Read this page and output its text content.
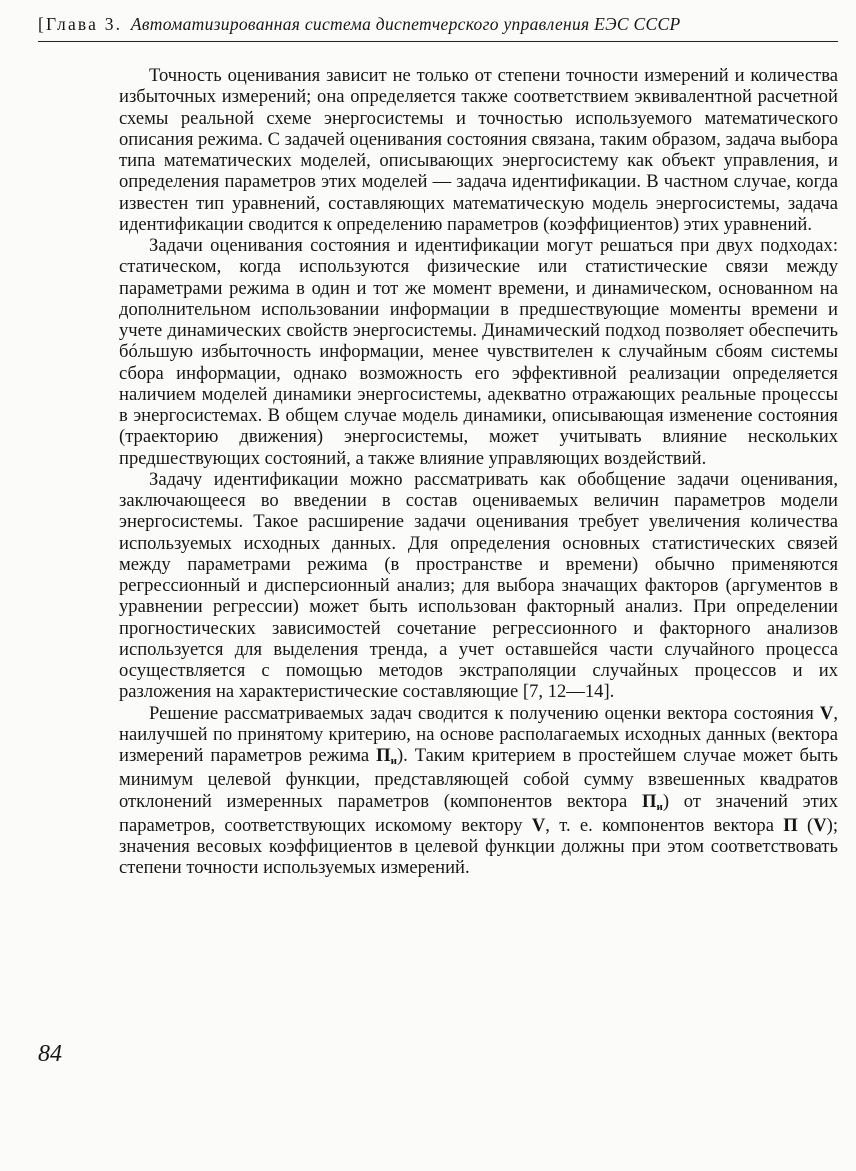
[Глава 3. Автоматизированная система диспетчерского управления ЕЭС СССР

Точность оценивания зависит не только от степени точности измерений и количества избыточных измерений; она определяется также соответствием эквивалентной расчетной схемы реальной схеме энергосистемы и точностью используемого математического описания режима. С задачей оценивания состояния связана, таким образом, задача выбора типа математических моделей, описывающих энергосистему как объект управления, и определения параметров этих моделей — задача идентификации. В частном случае, когда известен тип уравнений, составляющих математическую модель энергосистемы, задача идентификации сводится к определению параметров (коэффициентов) этих уравнений.

Задачи оценивания состояния и идентификации могут решаться при двух подходах: статическом, когда используются физические или статистические связи между параметрами режима в один и тот же момент времени, и динамическом, основанном на дополнительном использовании информации в предшествующие моменты времени и учете динамических свойств энергосистемы. Динамический подход позволяет обеспечить бóльшую избыточность информации, менее чувствителен к случайным сбоям системы сбора информации, однако возможность его эффективной реализации определяется наличием моделей динамики энергосистемы, адекватно отражающих реальные процессы в энергосистемах. В общем случае модель динамики, описывающая изменение состояния (траекторию движения) энергосистемы, может учитывать влияние нескольких предшествующих состояний, а также влияние управляющих воздействий.

Задачу идентификации можно рассматривать как обобщение задачи оценивания, заключающееся во введении в состав оцениваемых величин параметров модели энергосистемы. Такое расширение задачи оценивания требует увеличения количества используемых исходных данных. Для определения основных статистических связей между параметрами режима (в пространстве и времени) обычно применяются регрессионный и дисперсионный анализ; для выбора значащих факторов (аргументов в уравнении регрессии) может быть использован факторный анализ. При определении прогностических зависимостей сочетание регрессионного и факторного анализов используется для выделения тренда, а учет оставшейся части случайного процесса осуществляется с помощью методов экстраполяции случайных процессов и их разложения на характеристические составляющие [7, 12—14].

Решение рассматриваемых задач сводится к получению оценки вектора состояния V, наилучшей по принятому критерию, на основе располагаемых исходных данных (вектора измерений параметров режима Пи). Таким критерием в простейшем случае может быть минимум целевой функции, представляющей собой сумму взвешенных квадратов отклонений измеренных параметров (компонентов вектора Пи) от значений этих параметров, соответствующих искомому вектору V, т. е. компонентов вектора П (V); значения весовых коэффициентов в целевой функции должны при этом соответствовать степени точности используемых измерений.

84
